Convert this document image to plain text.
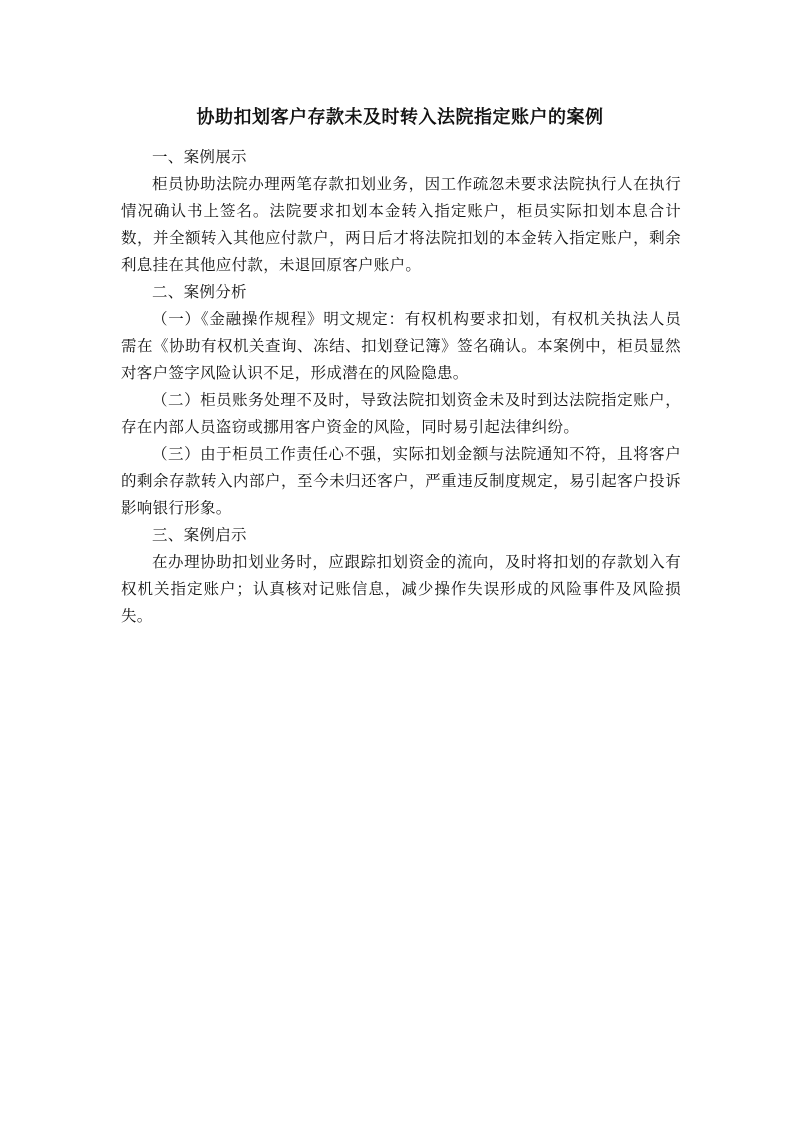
协助扣划客户存款未及时转入法院指定账户的案例

一、案例展示

柜员协助法院办理两笔存款扣划业务，因工作疏忽未要求法院执行人在执行情况确认书上签名。法院要求扣划本金转入指定账户，柜员实际扣划本息合计数，并全额转入其他应付款户，两日后才将法院扣划的本金转入指定账户，剩余利息挂在其他应付款，未退回原客户账户。

二、案例分析

（一）《金融操作规程》明文规定：有权机构要求扣划，有权机关执法人员需在《协助有权机关查询、冻结、扣划登记簿》签名确认。本案例中，柜员显然对客户签字风险认识不足，形成潜在的风险隐患。

（二）柜员账务处理不及时，导致法院扣划资金未及时到达法院指定账户，存在内部人员盗窃或挪用客户资金的风险，同时易引起法律纠纷。

（三）由于柜员工作责任心不强，实际扣划金额与法院通知不符，且将客户的剩余存款转入内部户，至今未归还客户，严重违反制度规定，易引起客户投诉影响银行形象。

三、案例启示

在办理协助扣划业务时，应跟踪扣划资金的流向，及时将扣划的存款划入有权机关指定账户；认真核对记账信息，减少操作失误形成的风险事件及风险损失。
